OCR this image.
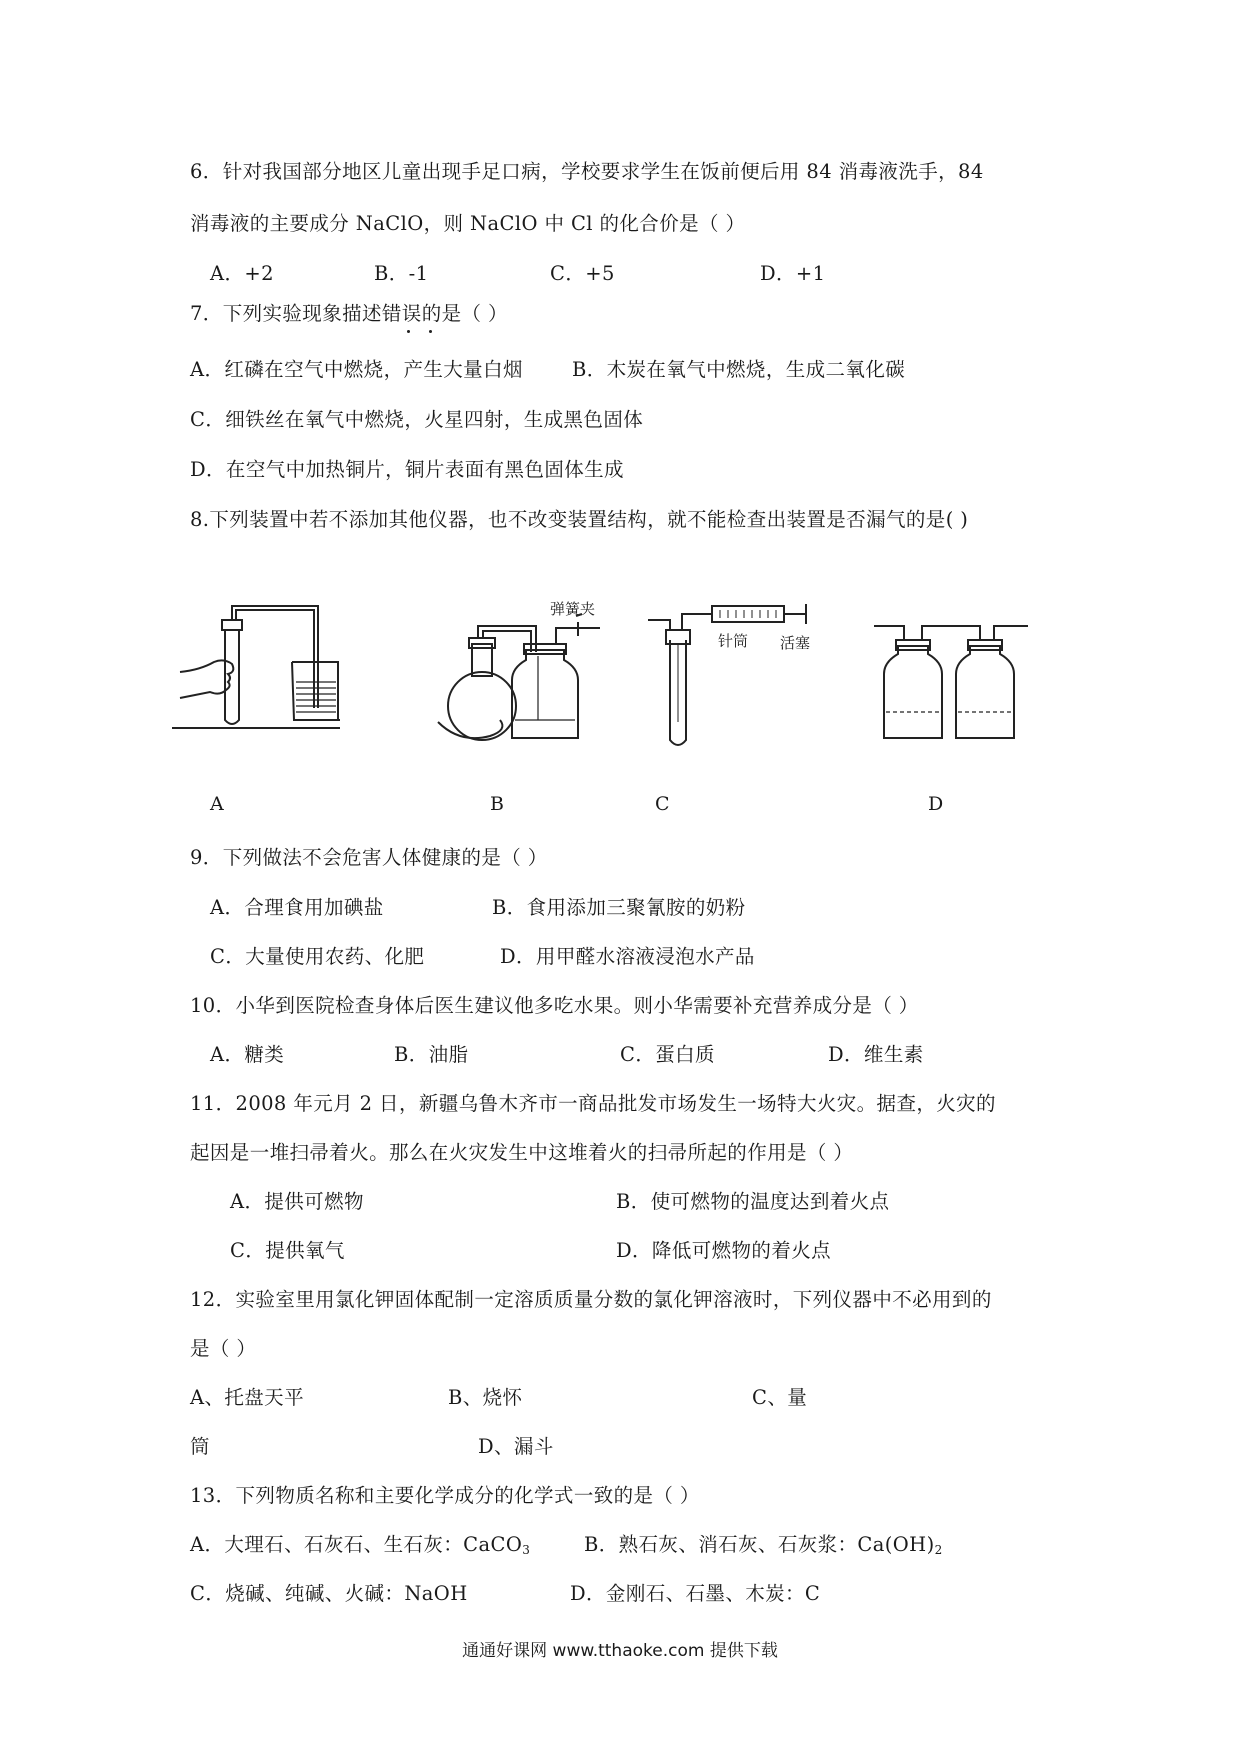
6．针对我国部分地区儿童出现手足口病，学校要求学生在饭前便后用 84 消毒液洗手，84
消毒液的主要成分 NaClO，则 NaClO 中 Cl 的化合价是（ ）
A．+2	B．-1	C．+5	D．+1
7．下列实验现象描述错误的是（ ）
A．红磷在空气中燃烧，产生大量白烟	B．木炭在氧气中燃烧，生成二氧化碳
C．细铁丝在氧气中燃烧，火星四射，生成黑色固体
D．在空气中加热铜片，铜片表面有黑色固体生成
8.下列装置中若不添加其他仪器，也不改变装置结构，就不能检查出装置是否漏气的是( )
弹簧夹
针筒 活塞
A	B	C	D
9．下列做法不会危害人体健康的是（ ）
A．合理食用加碘盐	B．食用添加三聚氰胺的奶粉
C．大量使用农药、化肥	D．用甲醛水溶液浸泡水产品
10．小华到医院检查身体后医生建议他多吃水果。则小华需要补充营养成分是（ ）
A．糖类	B．油脂	C．蛋白质	D．维生素
11．2008 年元月 2 日，新疆乌鲁木齐市一商品批发市场发生一场特大火灾。据查，火灾的
起因是一堆扫帚着火。那么在火灾发生中这堆着火的扫帚所起的作用是（ ）
A．提供可燃物	B．使可燃物的温度达到着火点
C．提供氧气	D．降低可燃物的着火点
12．实验室里用氯化钾固体配制一定溶质质量分数的氯化钾溶液时，下列仪器中不必用到的
是（ ）
A、托盘天平	B、烧怀	C、量
筒	D、漏斗
13．下列物质名称和主要化学成分的化学式一致的是（ ）
A．大理石、石灰石、生石灰：CaCO$_3$	B．熟石灰、消石灰、石灰浆：$Ca(OH)_2$
C．烧碱、纯碱、火碱：NaOH	D．金刚石、石墨、木炭：C
通通好课网 www.tthaoke.com 提供下载
